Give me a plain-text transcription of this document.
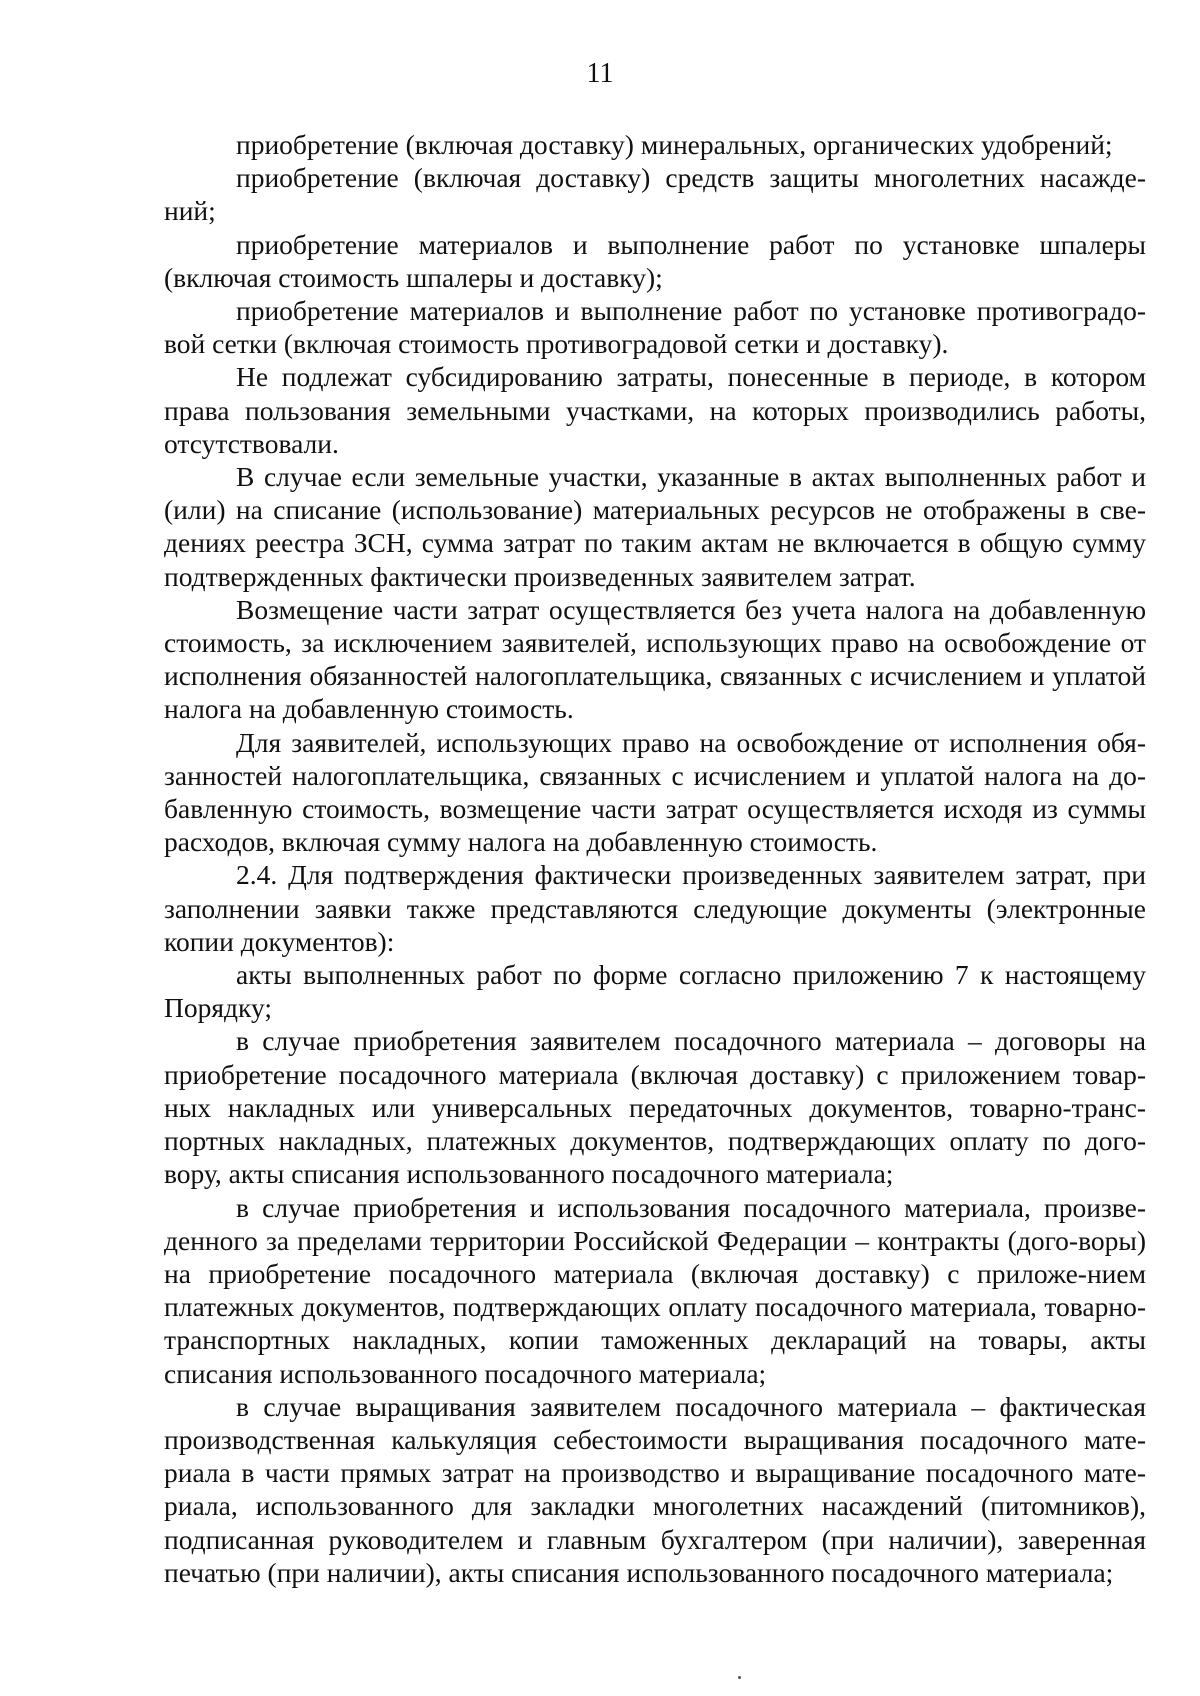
11

приобретение (включая доставку) минеральных, органических удобрений;

приобретение (включая доставку) средств защиты многолетних насажде-ний;

приобретение материалов и выполнение работ по установке шпалеры (включая стоимость шпалеры и доставку);

приобретение материалов и выполнение работ по установке противоградо-вой сетки (включая стоимость противоградовой сетки и доставку).

Не подлежат субсидированию затраты, понесенные в периоде, в котором права пользования земельными участками, на которых производились работы, отсутствовали.

В случае если земельные участки, указанные в актах выполненных работ и (или) на списание (использование) материальных ресурсов не отображены в све-дениях реестра ЗСН, сумма затрат по таким актам не включается в общую сумму подтвержденных фактически произведенных заявителем затрат.

Возмещение части затрат осуществляется без учета налога на добавленную стоимость, за исключением заявителей, использующих право на освобождение от исполнения обязанностей налогоплательщика, связанных с исчислением и уплатой налога на добавленную стоимость.

Для заявителей, использующих право на освобождение от исполнения обя-занностей налогоплательщика, связанных с исчислением и уплатой налога на до-бавленную стоимость, возмещение части затрат осуществляется исходя из суммы расходов, включая сумму налога на добавленную стоимость.

2.4. Для подтверждения фактически произведенных заявителем затрат, при заполнении заявки также представляются следующие документы (электронные копии документов):

акты выполненных работ по форме согласно приложению 7 к настоящему Порядку;

в случае приобретения заявителем посадочного материала – договоры на приобретение посадочного материала (включая доставку) с приложением товар-ных накладных или универсальных передаточных документов, товарно-транс-портных накладных, платежных документов, подтверждающих оплату по дого-вору, акты списания использованного посадочного материала;

в случае приобретения и использования посадочного материала, произве-денного за пределами территории Российской Федерации – контракты (дого-воры) на приобретение посадочного материала (включая доставку) с приложе-нием платежных документов, подтверждающих оплату посадочного материала, товарно-транспортных накладных, копии таможенных деклараций на товары, акты списания использованного посадочного материала;

в случае выращивания заявителем посадочного материала – фактическая производственная калькуляция себестоимости выращивания посадочного мате-риала в части прямых затрат на производство и выращивание посадочного мате-риала, использованного для закладки многолетних насаждений (питомников), подписанная руководителем и главным бухгалтером (при наличии), заверенная печатью (при наличии), акты списания использованного посадочного материала;
